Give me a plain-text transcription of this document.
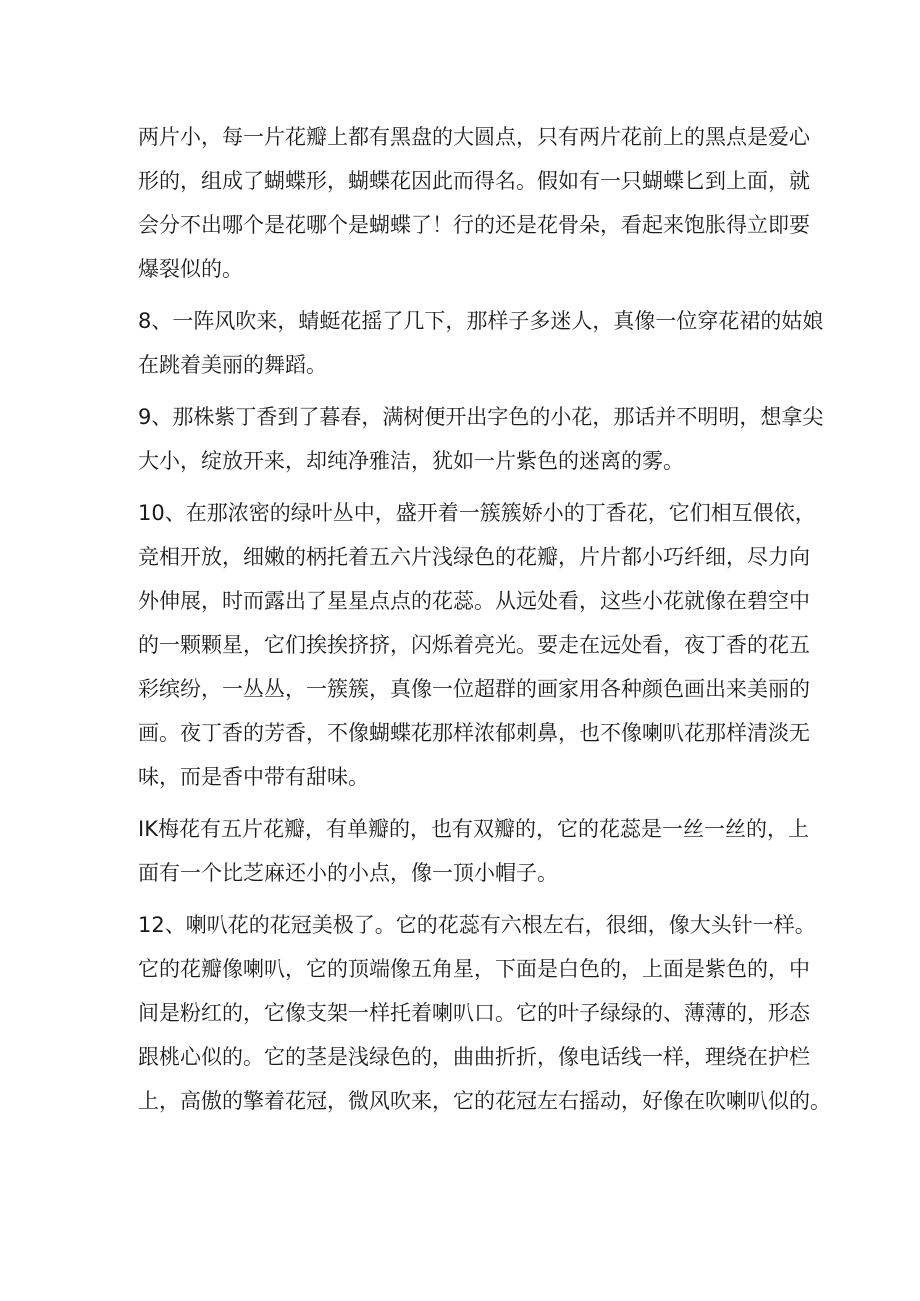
两片小，每一片花瓣上都有黑盘的大圆点，只有两片花前上的黑点是爱心
形的，组成了蝴蝶形，蝴蝶花因此而得名。假如有一只蝴蝶匕到上面，就
会分不出哪个是花哪个是蝴蝶了！行的还是花骨朵，看起来饱胀得立即要
爆裂似的。
8、一阵风吹来，蜻蜓花摇了几下，那样子多迷人，真像一位穿花裙的姑娘
在跳着美丽的舞蹈。
9、那株紫丁香到了暮春，满树便开出字色的小花，那话并不明明，想拿尖
大小，绽放开来，却纯净雅洁，犹如一片紫色的迷离的雾。
10、在那浓密的绿叶丛中，盛开着一簇簇娇小的丁香花，它们相互偎依，
竞相开放，细嫩的柄托着五六片浅绿色的花瓣，片片都小巧纤细，尽力向
外伸展，时而露出了星星点点的花蕊。从远处看，这些小花就像在碧空中
的一颗颗星，它们挨挨挤挤，闪烁着亮光。要走在远处看，夜丁香的花五
彩缤纷，一丛丛，一簇簇，真像一位超群的画家用各种颜色画出来美丽的
画。夜丁香的芳香，不像蝴蝶花那样浓郁刺鼻，也不像喇叭花那样清淡无
味，而是香中带有甜味。
IK梅花有五片花瓣，有单瓣的，也有双瓣的，它的花蕊是一丝一丝的，上
面有一个比芝麻还小的小点，像一顶小帽子。
12、喇叭花的花冠美极了。它的花蕊有六根左右，很细，像大头针一样。
它的花瓣像喇叭，它的顶端像五角星，下面是白色的，上面是紫色的，中
间是粉红的，它像支架一样托着喇叭口。它的叶子绿绿的、薄薄的，形态
跟桃心似的。它的茎是浅绿色的，曲曲折折，像电话线一样，理绕在护栏
上，高傲的擎着花冠，微风吹来，它的花冠左右摇动，好像在吹喇叭似的。
